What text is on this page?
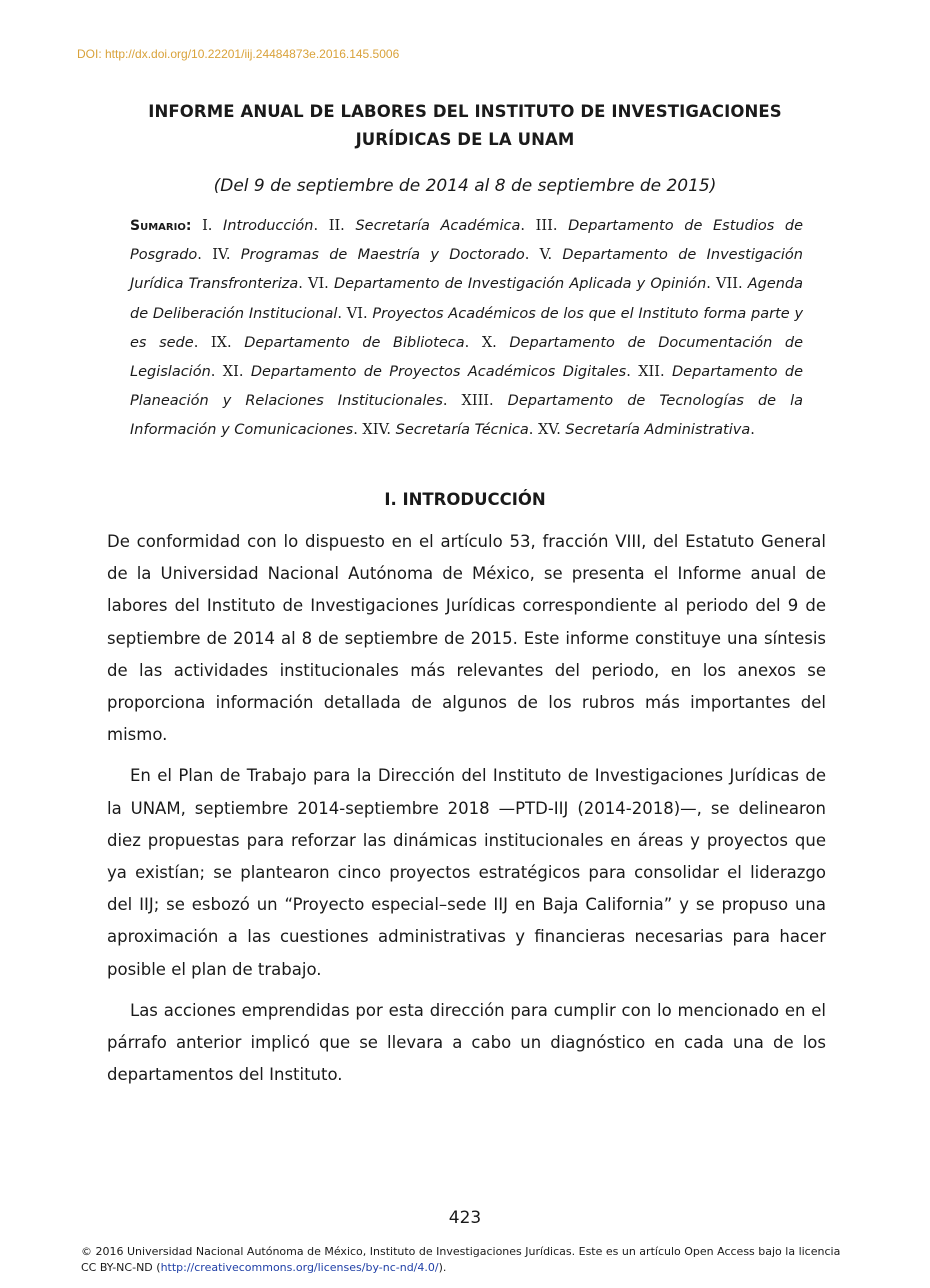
DOI: http://dx.doi.org/10.22201/iij.24484873e.2016.145.5006
INFORME ANUAL DE LABORES DEL INSTITUTO DE INVESTIGACIONES
JURÍDICAS DE LA UNAM
(Del 9 de septiembre de 2014 al 8 de septiembre de 2015)
Sumario: I. Introducción. II. Secretaría Académica. III. Departamento de Estudios de Posgrado. IV. Programas de Maestría y Doctorado. V. Departamento de Investigación Jurídica Transfronteriza. VI. Departamento de Investigación Aplicada y Opinión. VII. Agenda de Deliberación Institucional. VI. Proyectos Académicos de los que el Instituto forma parte y es sede. IX. Departamento de Biblioteca. X. Departamento de Documentación de Legislación. XI. Departamento de Proyectos Académicos Digitales. XII. Departamento de Planeación y Relaciones Institucionales. XIII. Departamento de Tecnologías de la Información y Comunicaciones. XIV. Secretaría Técnica. XV. Secretaría Administrativa.
I. INTRODUCCIÓN

De conformidad con lo dispuesto en el artículo 53, fracción VIII, del Estatuto General de la Universidad Nacional Autónoma de México, se presenta el Informe anual de labores del Instituto de Investigaciones Jurídicas correspondiente al periodo del 9 de septiembre de 2014 al 8 de septiembre de 2015. Este informe constituye una síntesis de las actividades institucionales más relevantes del periodo, en los anexos se proporciona información detallada de algunos de los rubros más importantes del mismo.

En el Plan de Trabajo para la Dirección del Instituto de Investigaciones Jurídicas de la UNAM, septiembre 2014-septiembre 2018 —PTD-IIJ (2014-2018)—, se delinearon diez propuestas para reforzar las dinámicas institucionales en áreas y proyectos que ya existían; se plantearon cinco proyectos estratégicos para consolidar el liderazgo del IIJ; se esbozó un “Proyecto especial–sede IIJ en Baja California” y se propuso una aproximación a las cuestiones administrativas y financieras necesarias para hacer posible el plan de trabajo.

Las acciones emprendidas por esta dirección para cumplir con lo mencionado en el párrafo anterior implicó que se llevara a cabo un diagnóstico en cada una de los departamentos del Instituto.

423
© 2016 Universidad Nacional Autónoma de México, Instituto de Investigaciones Jurídicas. Este es un artículo Open Access bajo la licencia
CC BY-NC-ND (http://creativecommons.org/licenses/by-nc-nd/4.0/).
